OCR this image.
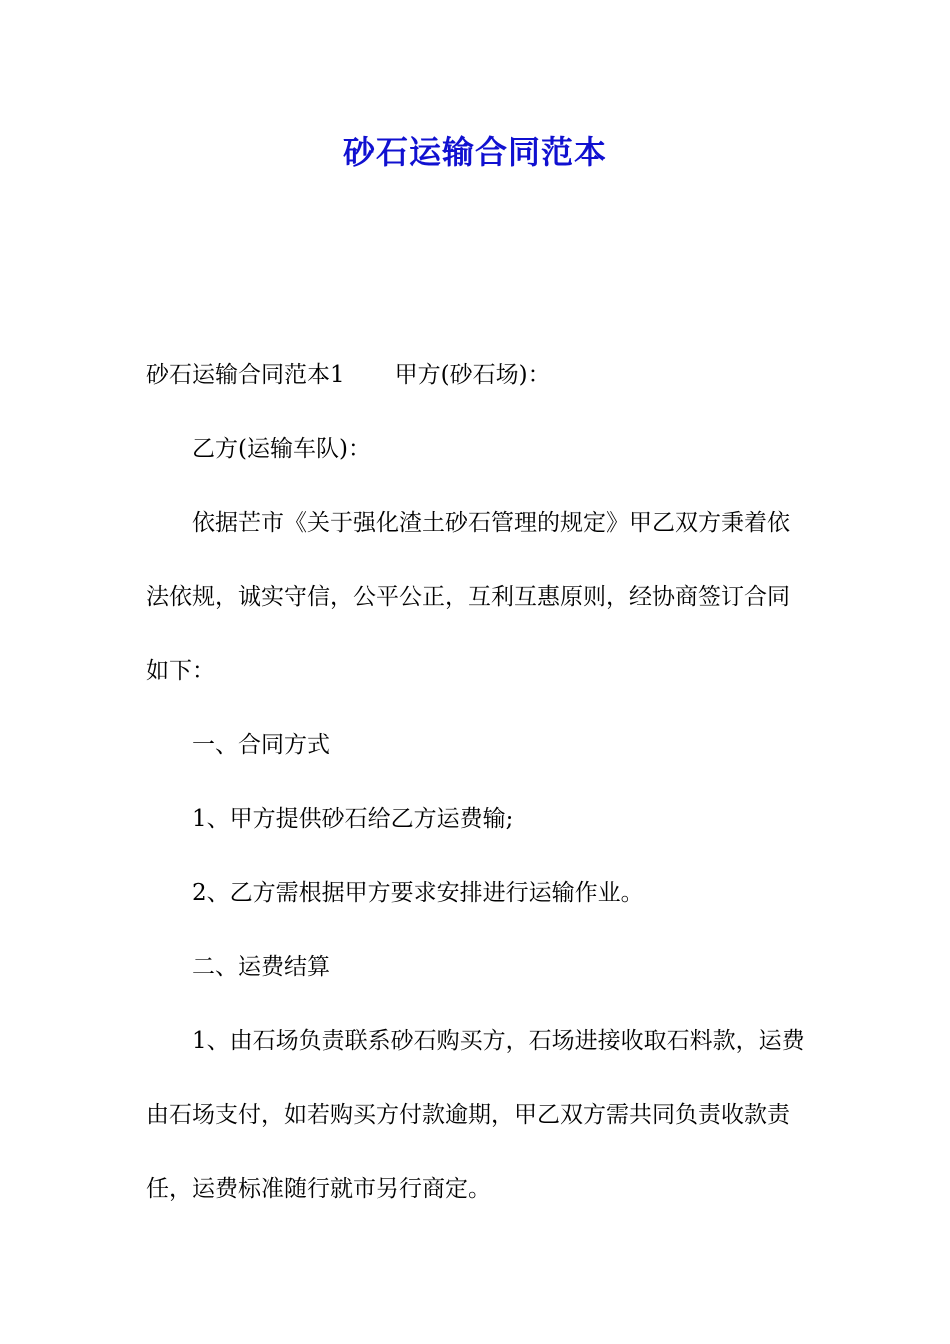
砂石运输合同范本

砂石运输合同范本1 甲方(砂石场)：

乙方(运输车队)：

依据芒市《关于强化渣土砂石管理的规定》甲乙双方秉着依法依规，诚实守信，公平公正，互利互惠原则，经协商签订合同如下：

一、合同方式

1、甲方提供砂石给乙方运费输;

2、乙方需根据甲方要求安排进行运输作业。

二、运费结算

1、由石场负责联系砂石购买方，石场进接收取石料款，运费由石场支付，如若购买方付款逾期，甲乙双方需共同负责收款责任，运费标准随行就市另行商定。
